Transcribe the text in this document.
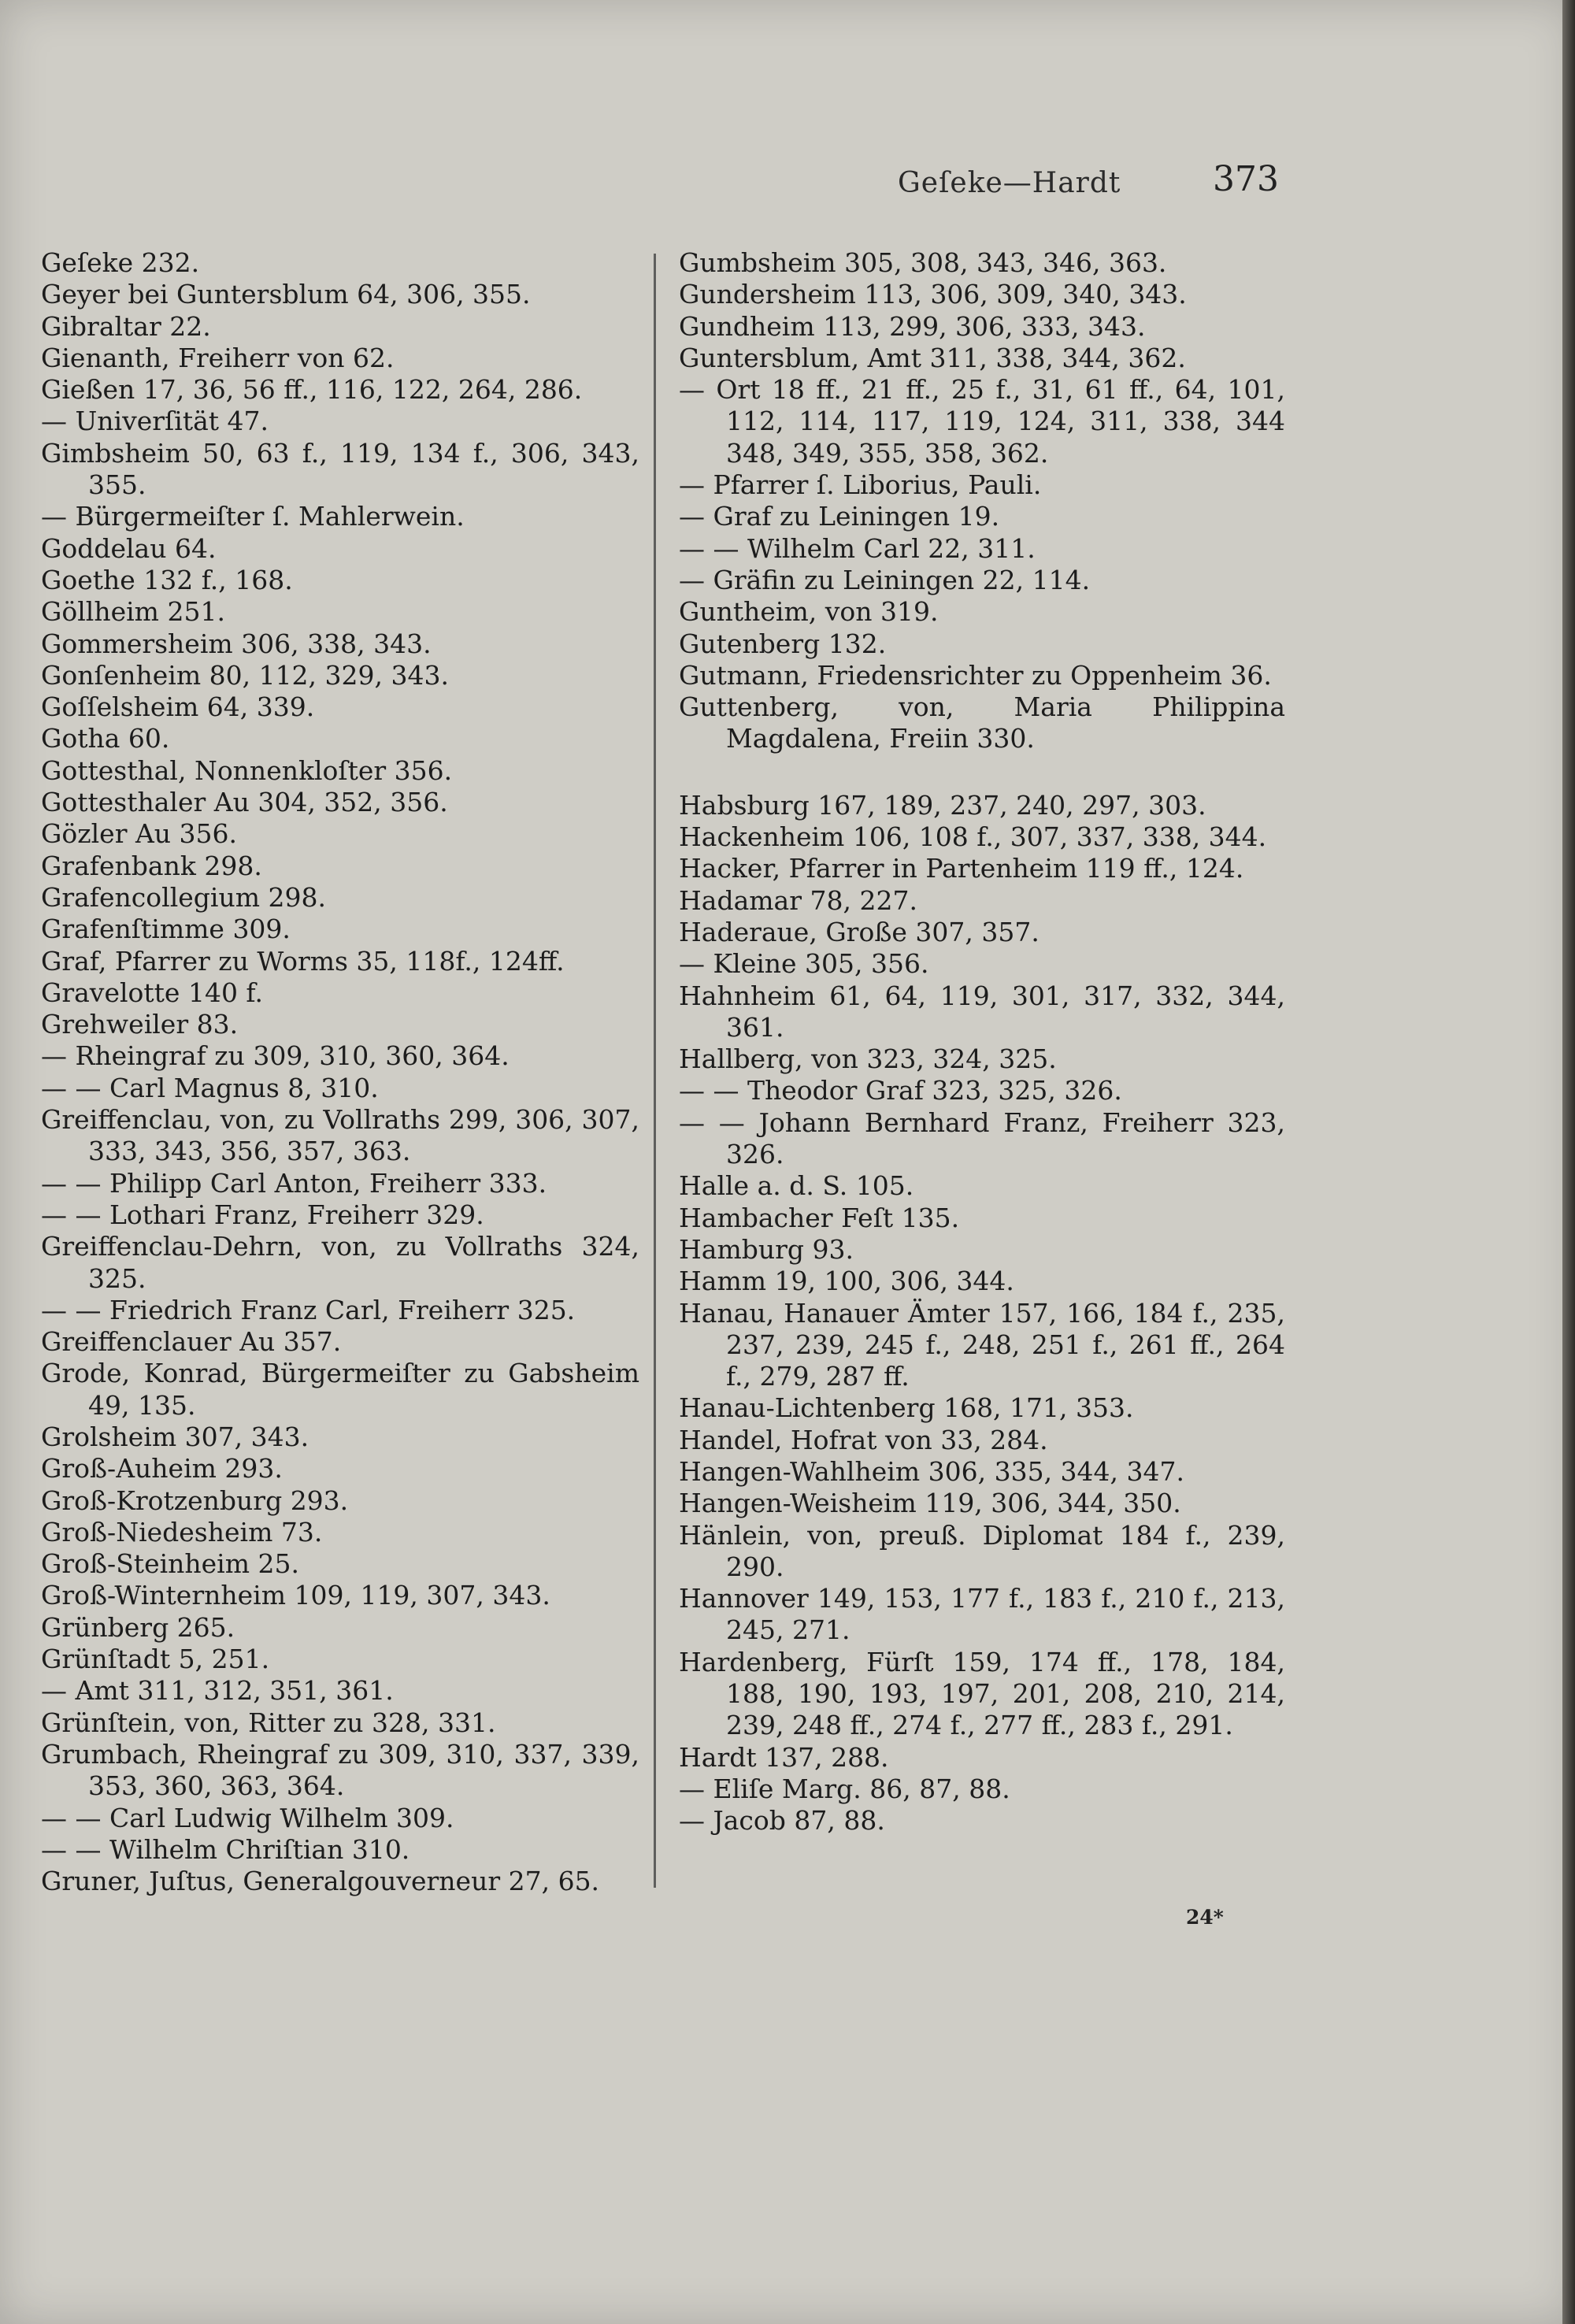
Geſeke—Hardt	373
Geſeke 232.
Geyer bei Guntersblum 64, 306, 355.
Gibraltar 22.
Gienanth, Freiherr von 62.
Gießen 17, 36, 56 ff., 116, 122, 264, 286.
— Univerſität 47.
Gimbsheim 50, 63 f., 119, 134 f., 306, 343, 355.
— Bürgermeiſter ſ. Mahlerwein.
Goddelau 64.
Goethe 132 f., 168.
Göllheim 251.
Gommersheim 306, 338, 343.
Gonſenheim 80, 112, 329, 343.
Goſſelsheim 64, 339.
Gotha 60.
Gottesthal, Nonnenkloſter 356.
Gottesthaler Au 304, 352, 356.
Gözler Au 356.
Grafenbank 298.
Grafencollegium 298.
Grafenſtimme 309.
Graf, Pfarrer zu Worms 35, 118f., 124ff.
Gravelotte 140 f.
Grehweiler 83.
— Rheingraf zu 309, 310, 360, 364.
— — Carl Magnus 8, 310.
Greiffenclau, von, zu Vollraths 299, 306, 307, 333, 343, 356, 357, 363.
— — Philipp Carl Anton, Freiherr 333.
— — Lothari Franz, Freiherr 329.
Greiffenclau-Dehrn, von, zu Vollraths 324, 325.
— — Friedrich Franz Carl, Freiherr 325.
Greiffenclauer Au 357.
Grode, Konrad, Bürgermeiſter zu Gabsheim 49, 135.
Grolsheim 307, 343.
Groß-Auheim 293.
Groß-Krotzenburg 293.
Groß-Niedesheim 73.
Groß-Steinheim 25.
Groß-Winternheim 109, 119, 307, 343.
Grünberg 265.
Grünſtadt 5, 251.
— Amt 311, 312, 351, 361.
Grünſtein, von, Ritter zu 328, 331.
Grumbach, Rheingraf zu 309, 310, 337, 339, 353, 360, 363, 364.
— — Carl Ludwig Wilhelm 309.
— — Wilhelm Chriſtian 310.
Gruner, Juſtus, Generalgouverneur 27, 65.
Gumbsheim 305, 308, 343, 346, 363.
Gundersheim 113, 306, 309, 340, 343.
Gundheim 113, 299, 306, 333, 343.
Guntersblum, Amt 311, 338, 344, 362.
— Ort 18 ff., 21 ff., 25 f., 31, 61 ff., 64, 101, 112, 114, 117, 119, 124, 311, 338, 344 348, 349, 355, 358, 362.
— Pfarrer ſ. Liborius, Pauli.
— Graf zu Leiningen 19.
— — Wilhelm Carl 22, 311.
— Gräfin zu Leiningen 22, 114.
Guntheim, von 319.
Gutenberg 132.
Gutmann, Friedensrichter zu Oppenheim 36.
Guttenberg, von, Maria Philippina Magdalena, Freiin 330.
Habsburg 167, 189, 237, 240, 297, 303.
Hackenheim 106, 108 f., 307, 337, 338, 344.
Hacker, Pfarrer in Partenheim 119 ff., 124.
Hadamar 78, 227.
Haderaue, Große 307, 357.
— Kleine 305, 356.
Hahnheim 61, 64, 119, 301, 317, 332, 344, 361.
Hallberg, von 323, 324, 325.
— — Theodor Graf 323, 325, 326.
— — Johann Bernhard Franz, Freiherr 323, 326.
Halle a. d. S. 105.
Hambacher Feſt 135.
Hamburg 93.
Hamm 19, 100, 306, 344.
Hanau, Hanauer Ämter 157, 166, 184 f., 235, 237, 239, 245 f., 248, 251 f., 261 ff., 264 f., 279, 287 ff.
Hanau-Lichtenberg 168, 171, 353.
Handel, Hofrat von 33, 284.
Hangen-Wahlheim 306, 335, 344, 347.
Hangen-Weisheim 119, 306, 344, 350.
Hänlein, von, preuß. Diplomat 184 f., 239, 290.
Hannover 149, 153, 177 f., 183 f., 210 f., 213, 245, 271.
Hardenberg, Fürſt 159, 174 ff., 178, 184, 188, 190, 193, 197, 201, 208, 210, 214, 239, 248 ff., 274 f., 277 ff., 283 f., 291.
Hardt 137, 288.
— Eliſe Marg. 86, 87, 88.
— Jacob 87, 88.
24*
